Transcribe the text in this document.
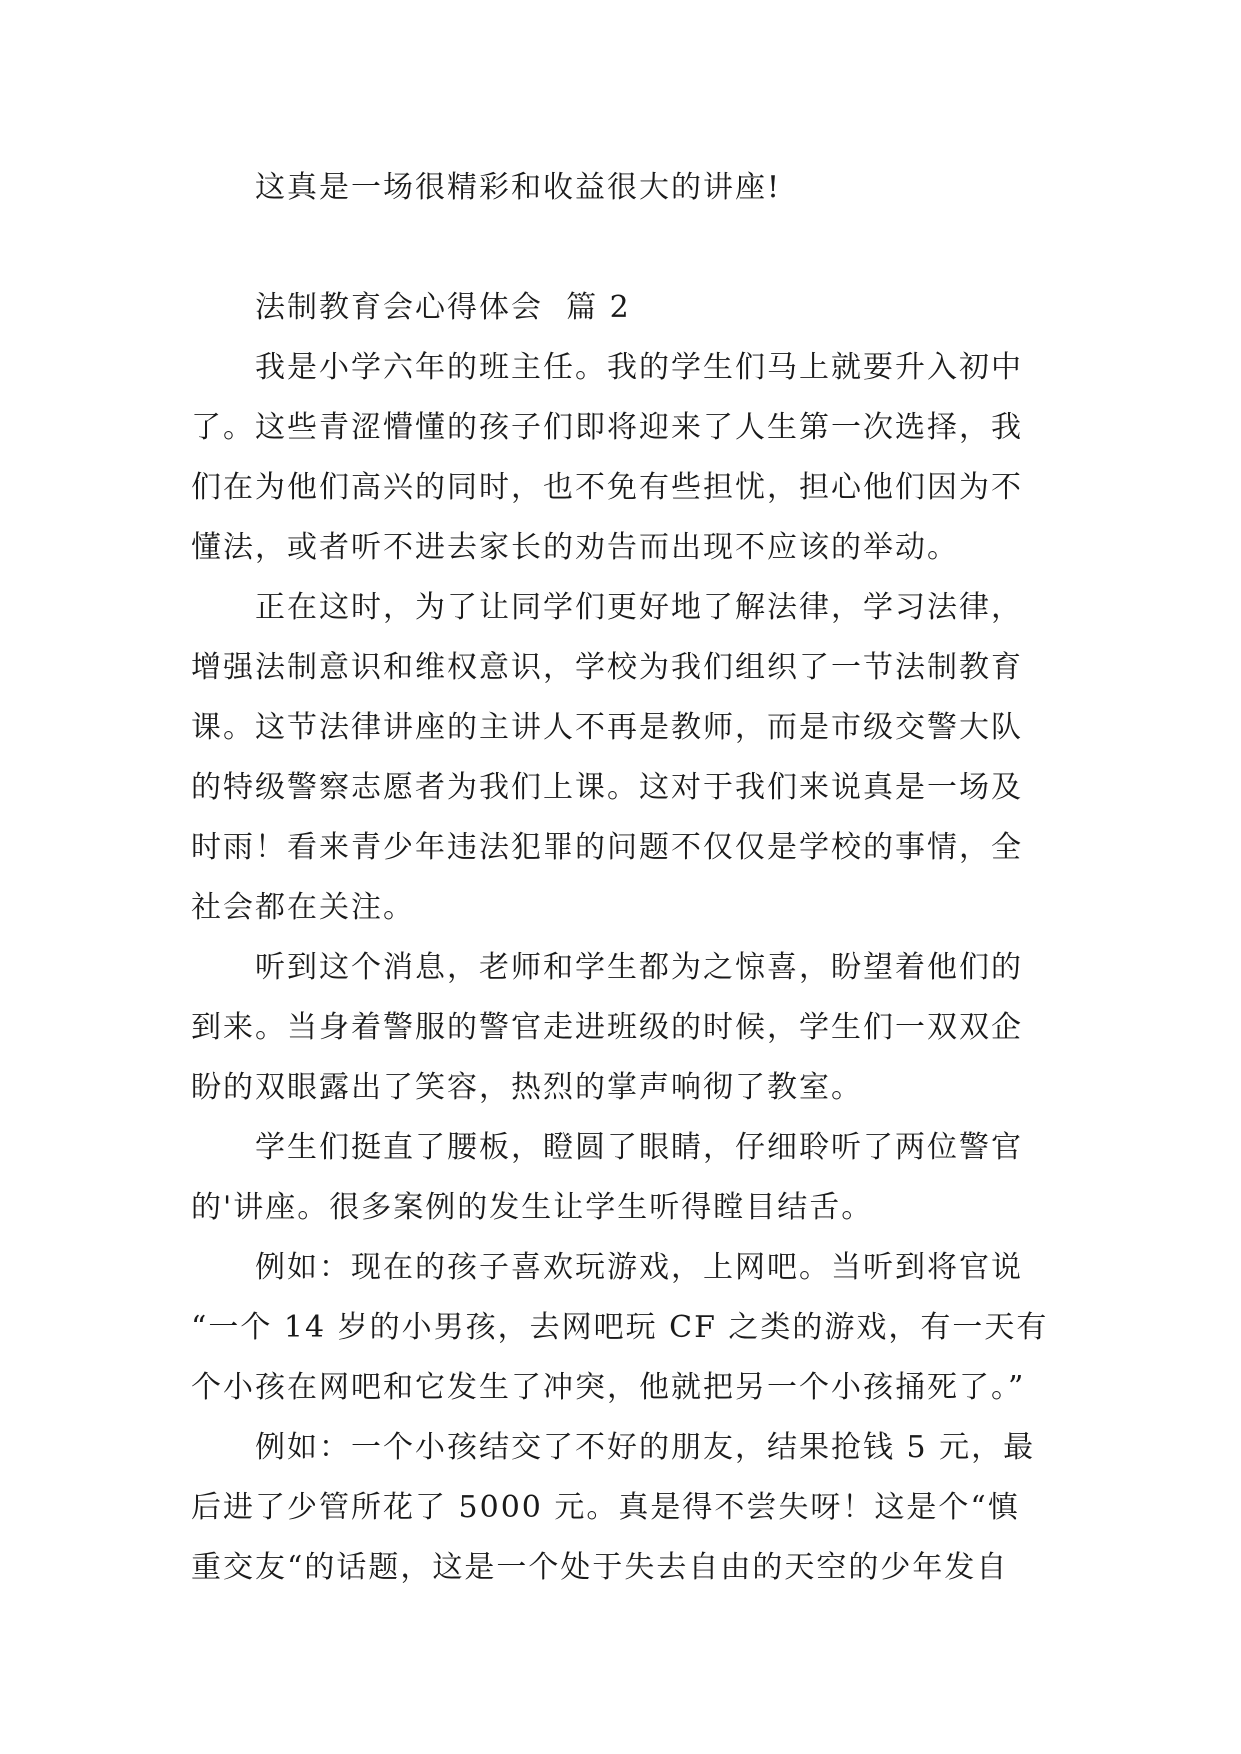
这真是一场很精彩和收益很大的讲座!
法制教育会心得体会  篇 2
我是小学六年的班主任。我的学生们马上就要升入初中
了。这些青涩懵懂的孩子们即将迎来了人生第一次选择，我
们在为他们高兴的同时，也不免有些担忧，担心他们因为不
懂法，或者听不进去家长的劝告而出现不应该的举动。
正在这时，为了让同学们更好地了解法律，学习法律，
增强法制意识和维权意识，学校为我们组织了一节法制教育
课。这节法律讲座的主讲人不再是教师，而是市级交警大队
的特级警察志愿者为我们上课。这对于我们来说真是一场及
时雨！看来青少年违法犯罪的问题不仅仅是学校的事情，全
社会都在关注。
听到这个消息，老师和学生都为之惊喜，盼望着他们的
到来。当身着警服的警官走进班级的时候，学生们一双双企
盼的双眼露出了笑容，热烈的掌声响彻了教室。
学生们挺直了腰板，瞪圆了眼睛，仔细聆听了两位警官
的'讲座。很多案例的发生让学生听得瞠目结舌。
例如：现在的孩子喜欢玩游戏，上网吧。当听到将官说
“一个 14 岁的小男孩，去网吧玩 CF 之类的游戏，有一天有
个小孩在网吧和它发生了冲突，他就把另一个小孩捅死了。”
例如：一个小孩结交了不好的朋友，结果抢钱 5 元，最
后进了少管所花了 5000 元。真是得不尝失呀！这是个“慎
重交友“的话题，这是一个处于失去自由的天空的少年发自
